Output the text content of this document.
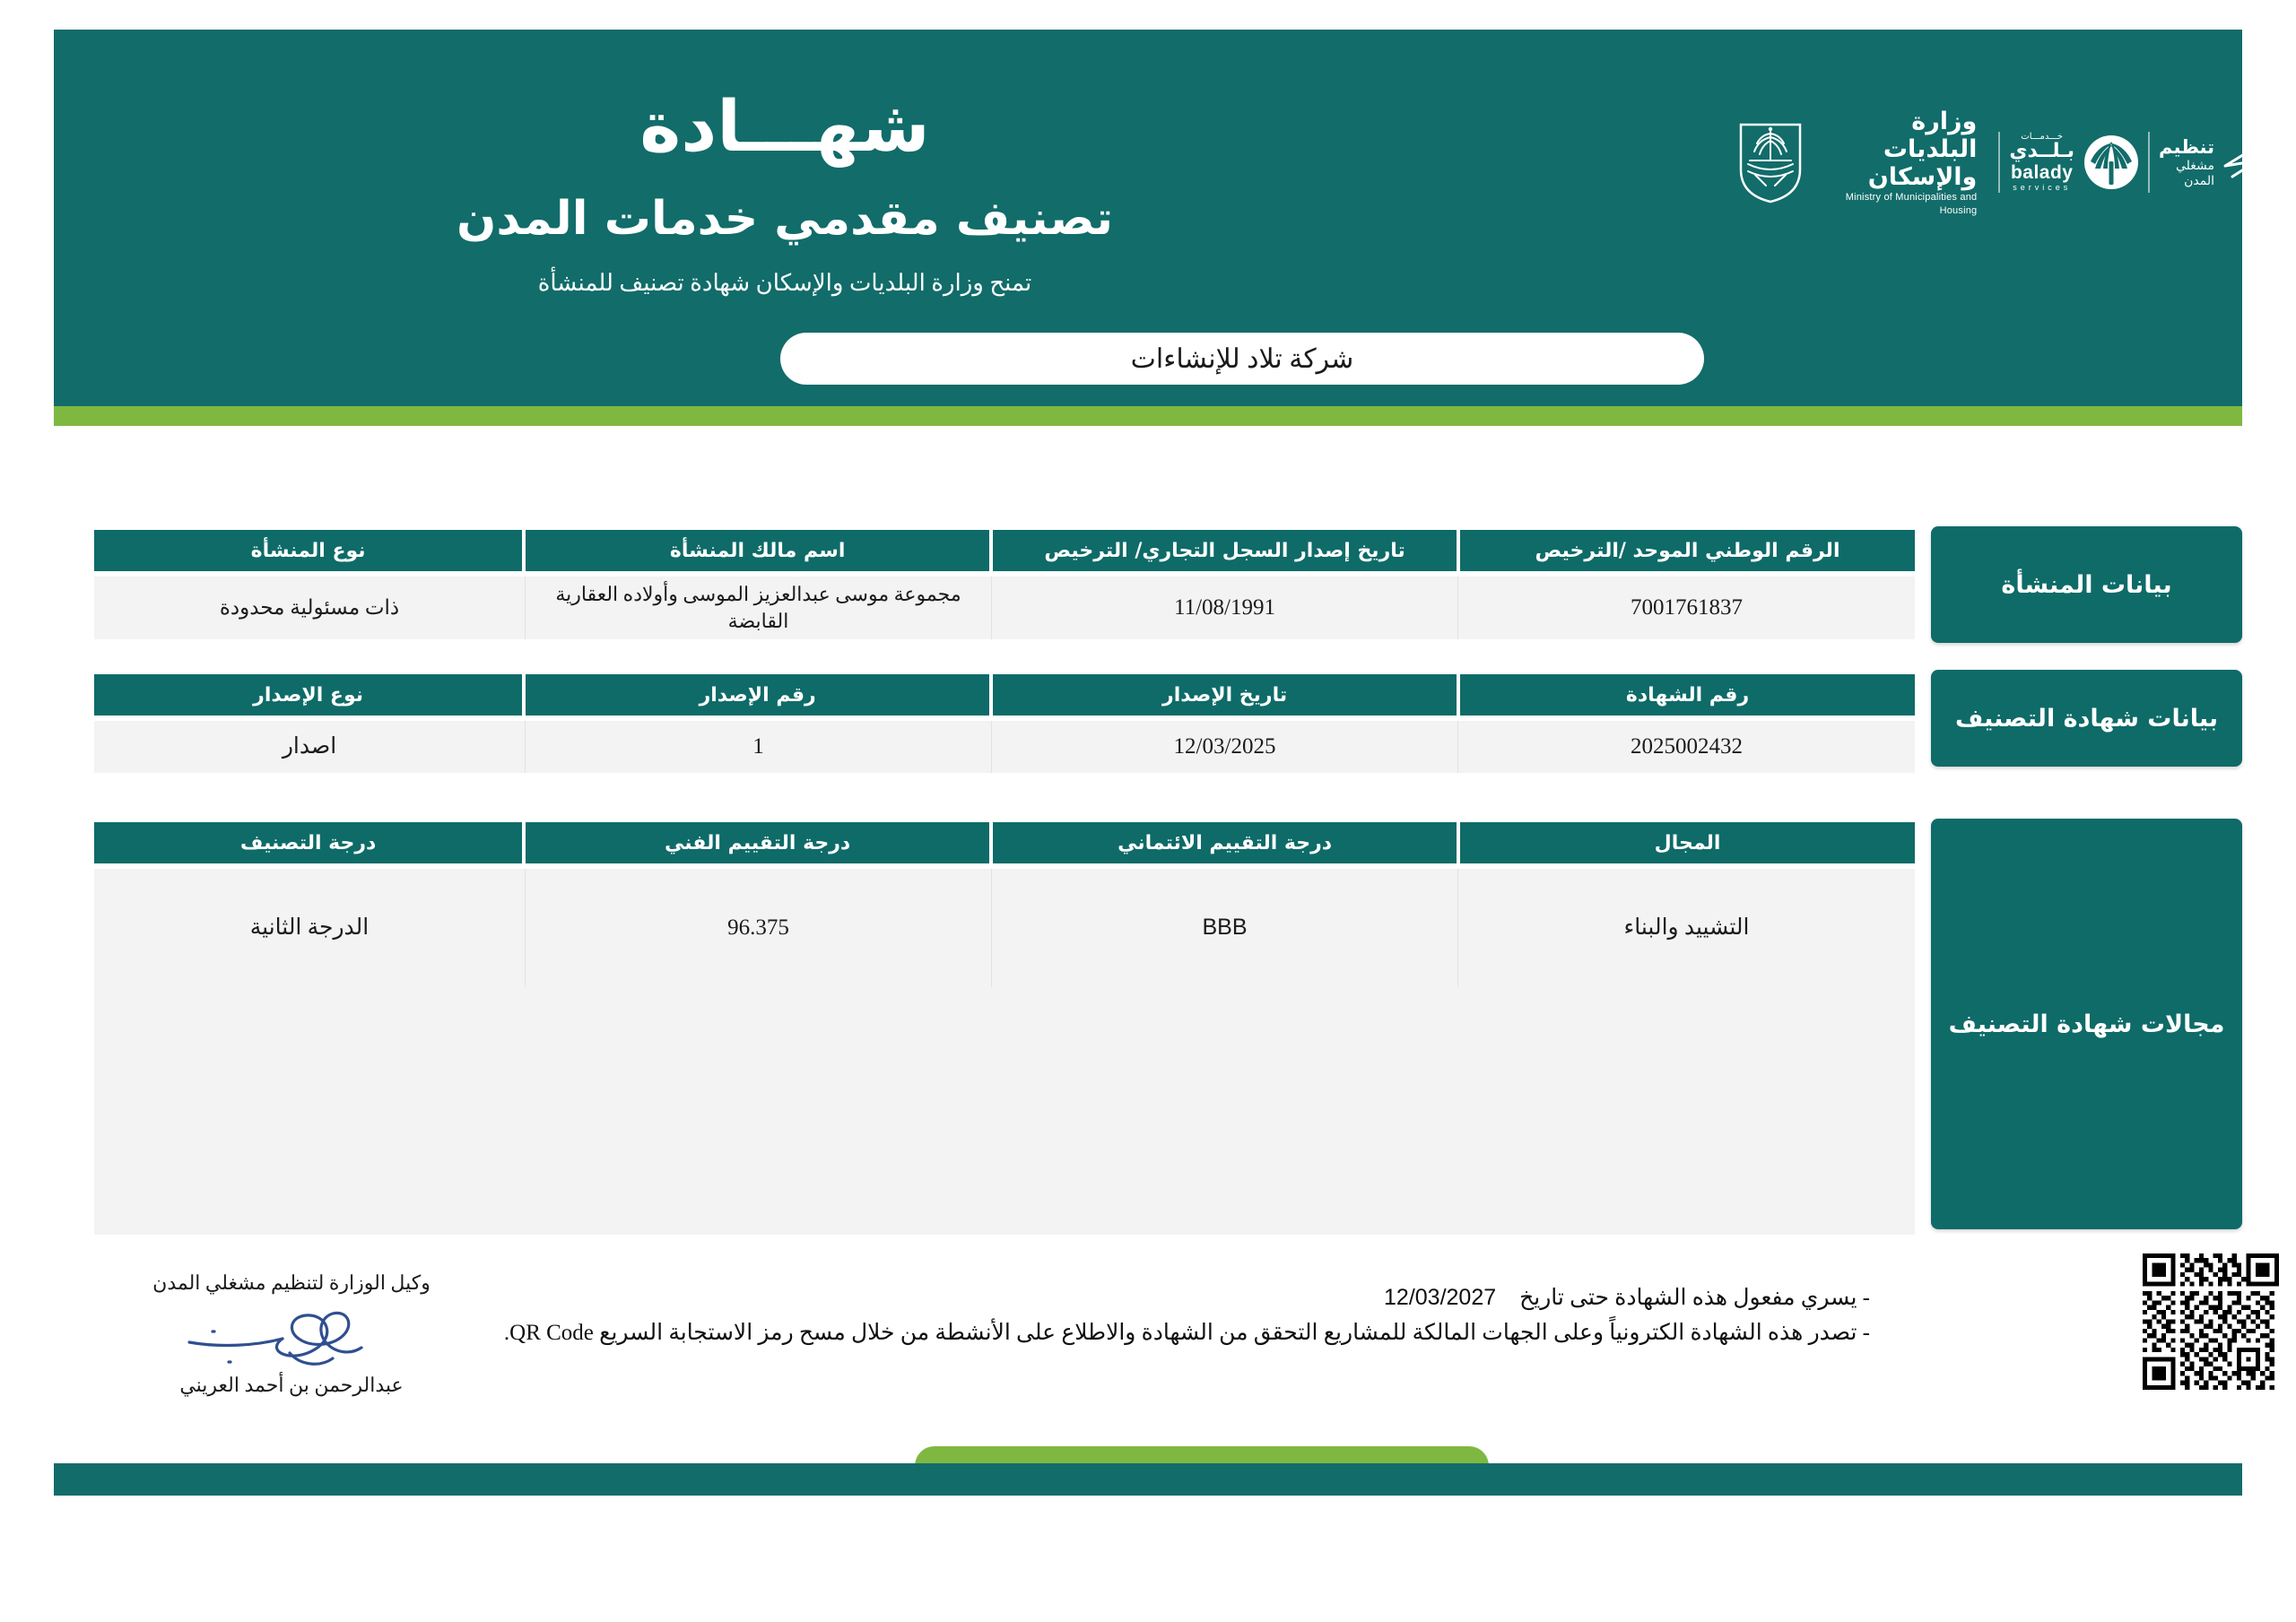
شهـــادة
تصنيف مقدمي خدمات المدن
تمنح وزارة البلديات والإسكان شهادة تصنيف للمنشأة
شركة تلاد للإنشاءات
وزارة البلديات والإسكان
Ministry of Municipalities and Housing
خـــدمـــات
بـلــدي
balady
services
تنظيم
مشغلي المدن
بيانات المنشأة
الرقم الوطني الموحد /الترخيص
تاريخ إصدار السجل التجاري/ الترخيص
اسم مالك المنشأة
نوع المنشأة
7001761837
11/08/1991
مجموعة موسى عبدالعزيز الموسى وأولاده العقارية القابضة
ذات مسئولية محدودة
بيانات شهادة التصنيف
رقم الشهادة
تاريخ الإصدار
رقم الإصدار
نوع الإصدار
2025002432
12/03/2025
1
اصدار
مجالات شهادة التصنيف
المجال
درجة التقييم الائتماني
درجة التقييم الفني
درجة التصنيف
التشييد والبناء
BBB
96.375
الدرجة الثانية
وكيل الوزارة لتنظيم مشغلي المدن
عبدالرحمن بن أحمد العريني
- يسري مفعول هذه الشهادة حتى تاريخ12/03/2027
- تصدر هذه الشهادة الكترونياً وعلى الجهات المالكة للمشاريع التحقق من الشهادة والاطلاع على الأنشطة من خلال مسح رمز الاستجابة السريع QR Code.
